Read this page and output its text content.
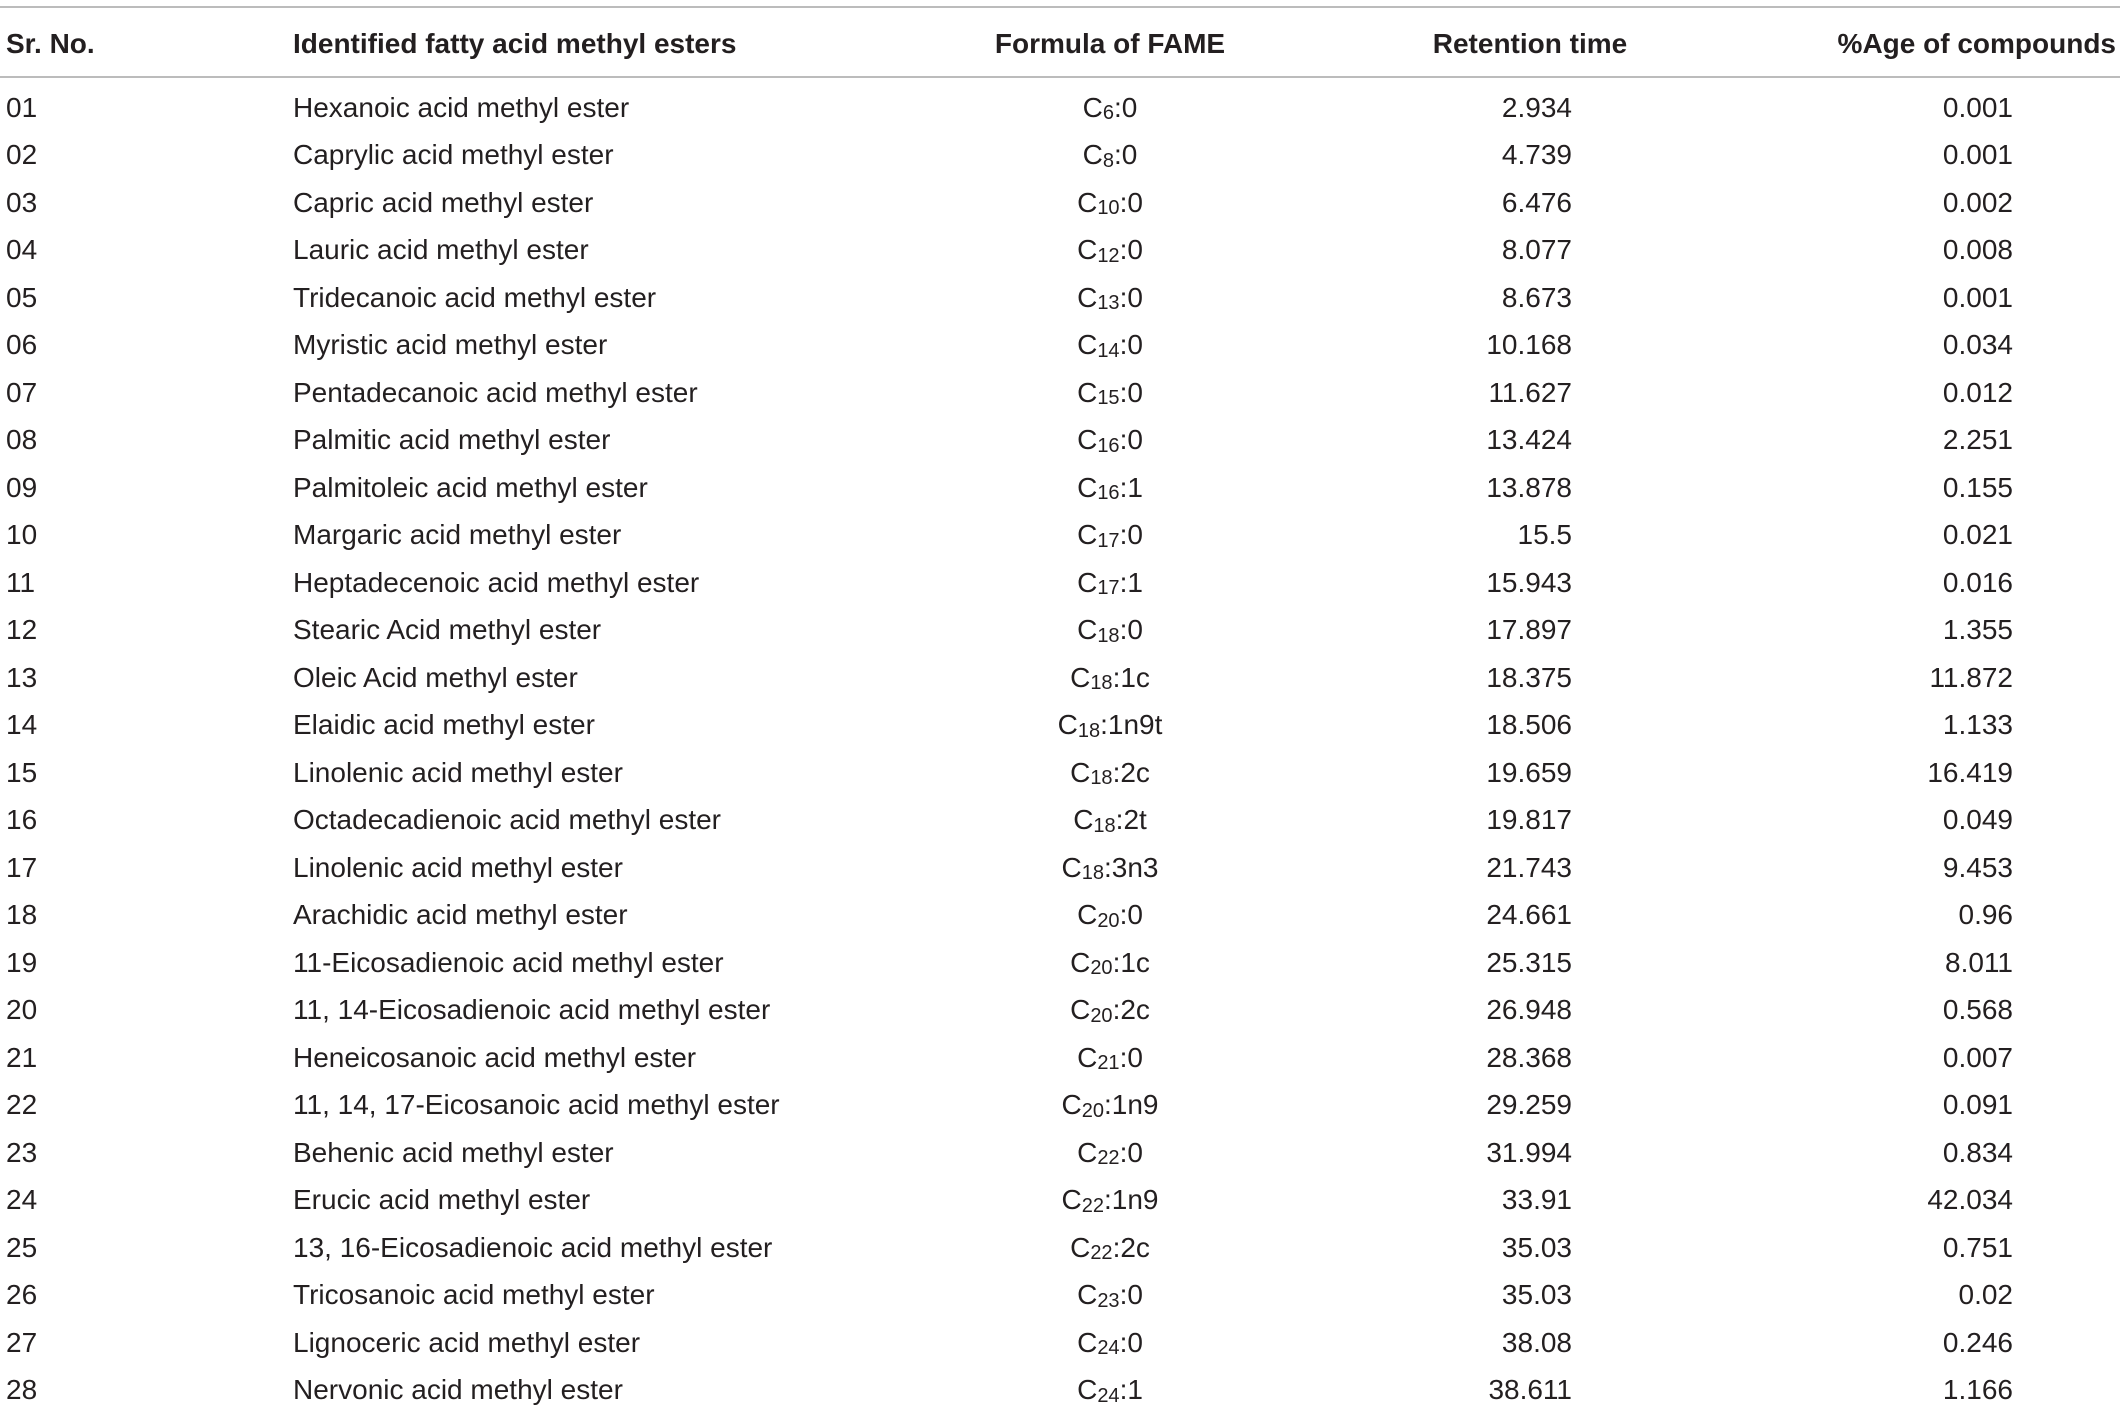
Sr. No.	Identified fatty acid methyl esters	Formula of FAME	Retention time	%Age of compounds
01	Hexanoic acid methyl ester	$C_6$ :0	2.934	0.001
02	Caprylic acid methyl ester	$C_8$ :0	4.739	0.001
03	Capric acid methyl ester	$C_{10}$ :0	6.476	0.002
04	Lauric acid methyl ester	$C_{12}$ :0	8.077	0.008
05	Tridecanoic acid methyl ester	$C_{13}$ :0	8.673	0.001
06	Myristic acid methyl ester	$C_{14}$ :0	10.168	0.034
07	Pentadecanoic acid methyl ester	$C_{15}$ :0	11.627	0.012
08	Palmitic acid methyl ester	$C_{16}$ :0	13.424	2.251
09	Palmitoleic acid methyl ester	$C_{16}$ :1	13.878	0.155
10	Margaric acid methyl ester	$C_{17}$ :0	15.5	0.021
11	Heptadecenoic acid methyl ester	$C_{17}$ :1	15.943	0.016
12	Stearic Acid methyl ester	$C_{18}$ :0	17.897	1.355
13	Oleic Acid methyl ester	$C_{18}$ :1c	18.375	11.872
14	Elaidic acid methyl ester	$C_{18}$ :1n9t	18.506	1.133
15	Linolenic acid methyl ester	$C_{18}$ :2c	19.659	16.419
16	Octadecadienoic acid methyl ester	$C_{18}$ :2t	19.817	0.049
17	Linolenic acid methyl ester	$C_{18}$ :3n3	21.743	9.453
18	Arachidic acid methyl ester	$C_{20}$ :0	24.661	0.96
19	11-Eicosadienoic acid methyl ester	$C_{20}$ :1c	25.315	8.011
20	11, 14-Eicosadienoic acid methyl ester	$C_{20}$ :2c	26.948	0.568
21	Heneicosanoic acid methyl ester	$C_{21}$ :0	28.368	0.007
22	11, 14, 17-Eicosanoic acid methyl ester	$C_{20}$ :1n9	29.259	0.091
23	Behenic acid methyl ester	$C_{22}$ :0	31.994	0.834
24	Erucic acid methyl ester	$C_{22}$ :1n9	33.91	42.034
25	13, 16-Eicosadienoic acid methyl ester	$C_{22}$ :2c	35.03	0.751
26	Tricosanoic acid methyl ester	$C_{23}$ :0	35.03	0.02
27	Lignoceric acid methyl ester	$C_{24}$ :0	38.08	0.246
28	Nervonic acid methyl ester	$C_{24}$ :1	38.611	1.166
